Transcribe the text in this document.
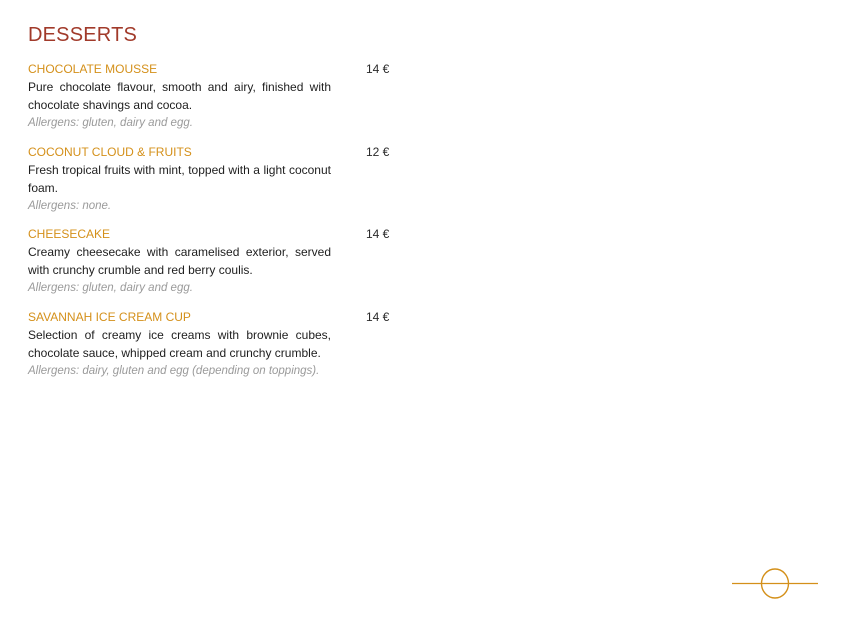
DESSERTS
CHOCOLATE MOUSSE	14 €
Pure chocolate flavour, smooth and airy, finished with chocolate shavings and cocoa.
Allergens: gluten, dairy and egg.
COCONUT CLOUD & FRUITS	12 €
Fresh tropical fruits with mint, topped with a light coconut foam.
Allergens: none.
CHEESECAKE	14 €
Creamy cheesecake with caramelised exterior, served with crunchy crumble and red berry coulis.
Allergens: gluten, dairy and egg.
SAVANNAH ICE CREAM CUP	14 €
Selection of creamy ice creams with brownie cubes, chocolate sauce, whipped cream and crunchy crumble.
Allergens: dairy, gluten and egg (depending on toppings).
